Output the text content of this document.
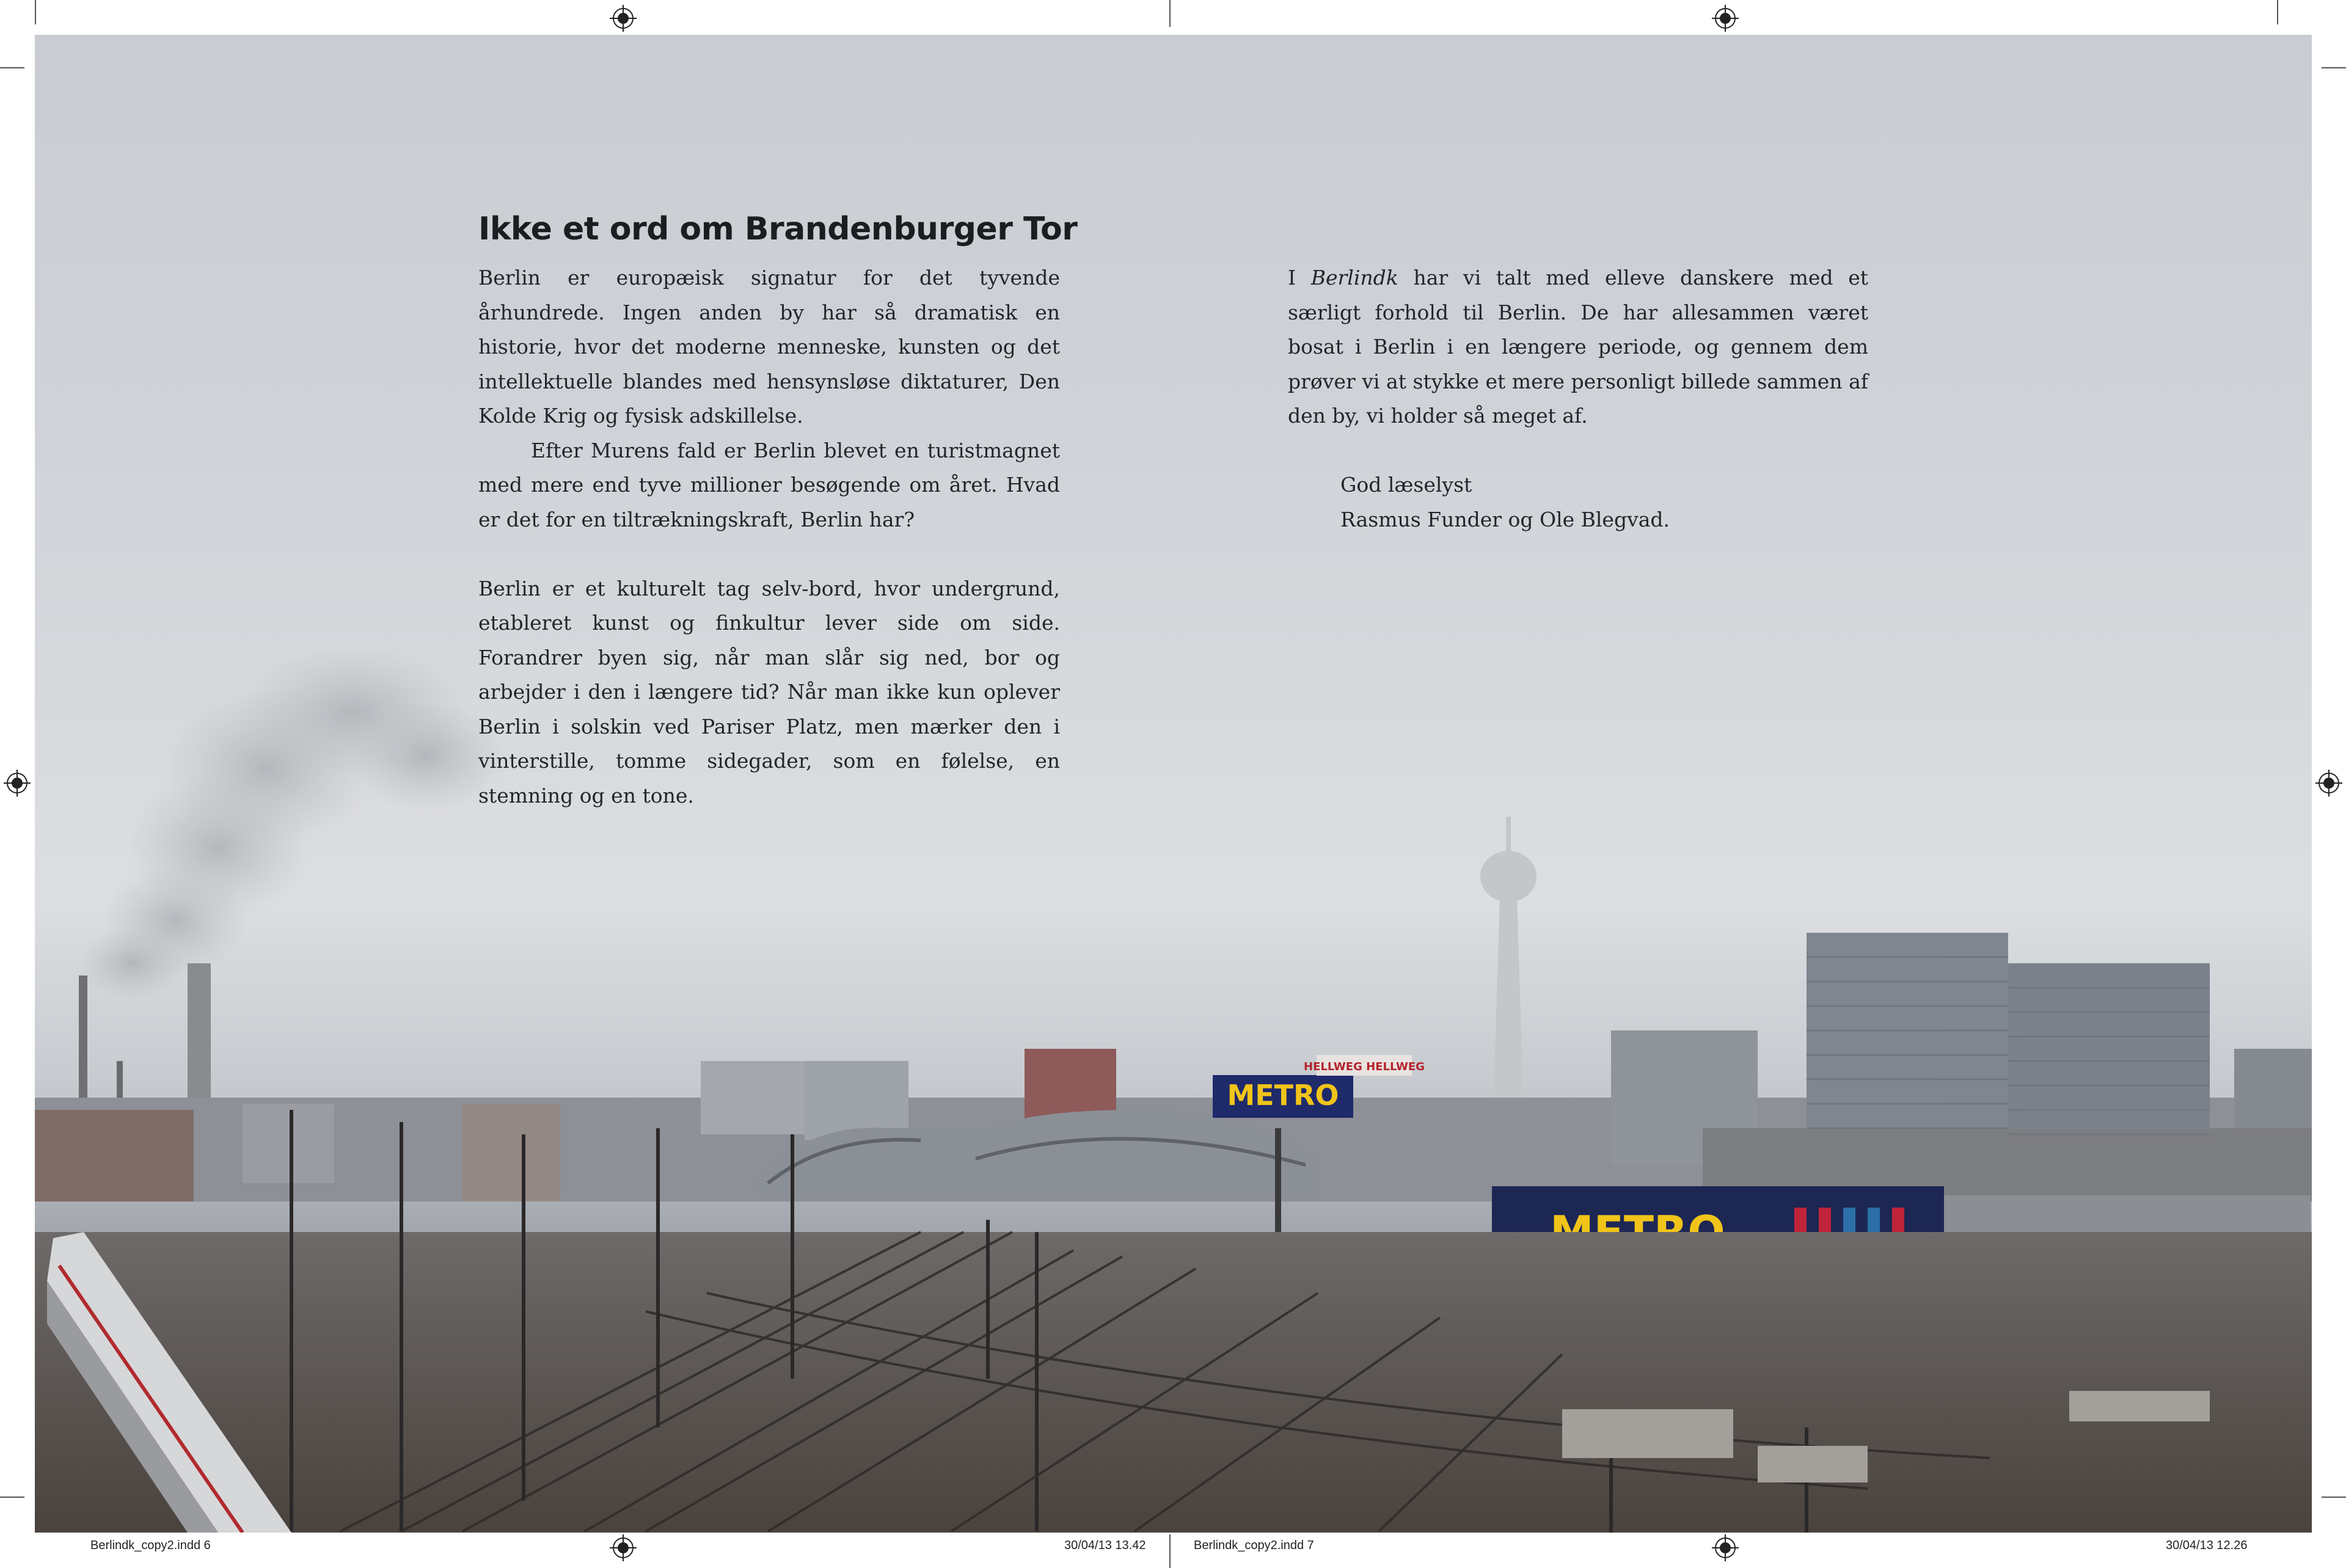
METRO
HELLWEG HELLWEG
Ikke et ord om Brandenburger Tor

Berlin er europæisk signatur for det tyvende århundrede. Ingen anden by har så dramatisk en historie, hvor det moderne menneske, kunsten og det intellektuelle blandes med hensynsløse diktaturer, Den Kolde Krig og fysisk adskillelse.

Efter Murens fald er Berlin blevet en turistmagnet med mere end tyve millioner besøgende om året. Hvad er det for en tiltrækningskraft, Berlin har?

Berlin er et kulturelt tag selv-bord, hvor undergrund, etableret kunst og finkultur lever side om side. Forandrer byen sig, når man slår sig ned, bor og arbejder i den i længere tid? Når man ikke kun oplever Berlin i solskin ved Pariser Platz, men mærker den i vinterstille, tomme sidegader, som en følelse, en stemning og en tone.

I Berlindk har vi talt med elleve danskere med et særligt forhold til Berlin. De har allesammen været bosat i Berlin i en længere periode, og gennem dem prøver vi at stykke et mere personligt billede sammen af den by, vi holder så meget af.

God læselyst

Rasmus Funder og Ole Blegvad.

Berlindk_copy2.indd 6	30/04/13 13.42	Berlindk_copy2.indd 7	30/04/13 12.26
